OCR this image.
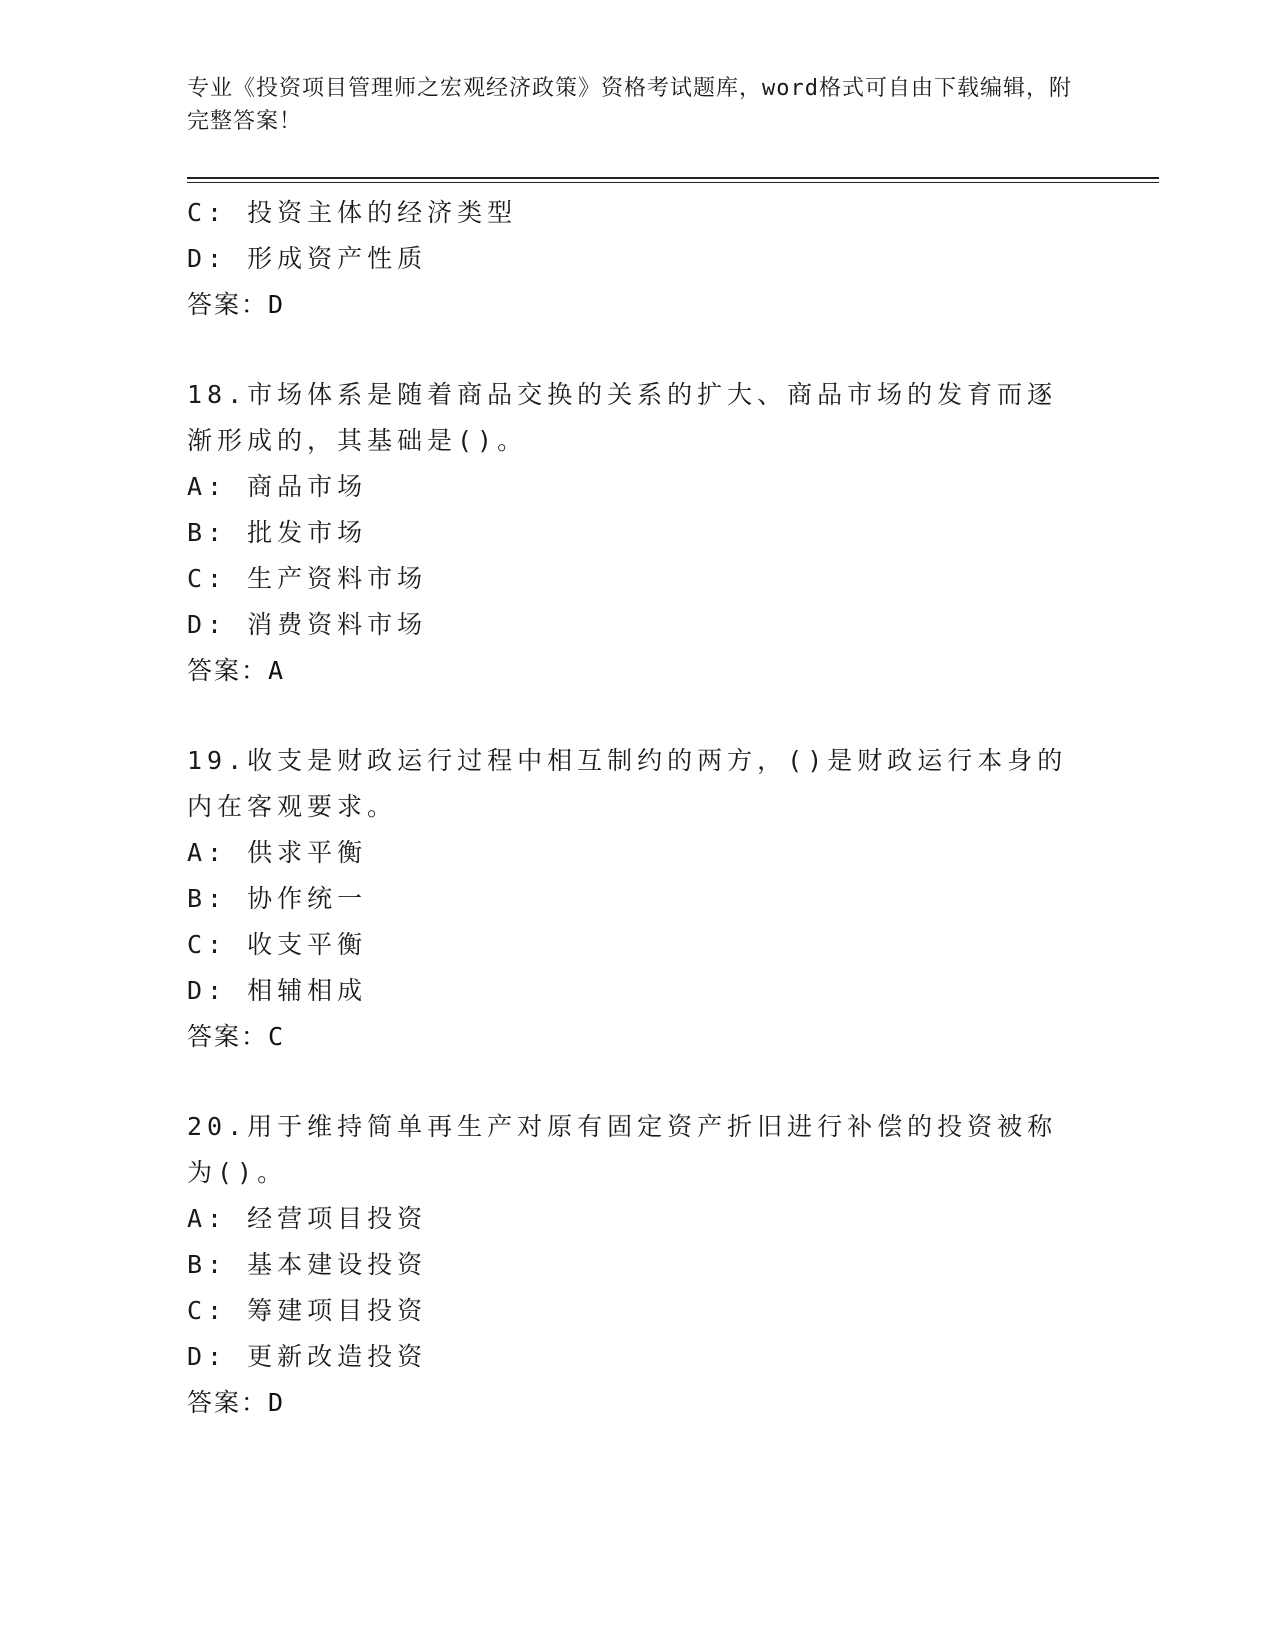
专业《投资项目管理师之宏观经济政策》资格考试题库，word格式可自由下载编辑，附完整答案！
C: 投资主体的经济类型
D: 形成资产性质
答案：D
18.市场体系是随着商品交换的关系的扩大、商品市场的发育而逐渐形成的，其基础是()。
A: 商品市场
B: 批发市场
C: 生产资料市场
D: 消费资料市场
答案：A
19.收支是财政运行过程中相互制约的两方，()是财政运行本身的内在客观要求。
A: 供求平衡
B: 协作统一
C: 收支平衡
D: 相辅相成
答案：C
20.用于维持简单再生产对原有固定资产折旧进行补偿的投资被称为()。
A: 经营项目投资
B: 基本建设投资
C: 筹建项目投资
D: 更新改造投资
答案：D
